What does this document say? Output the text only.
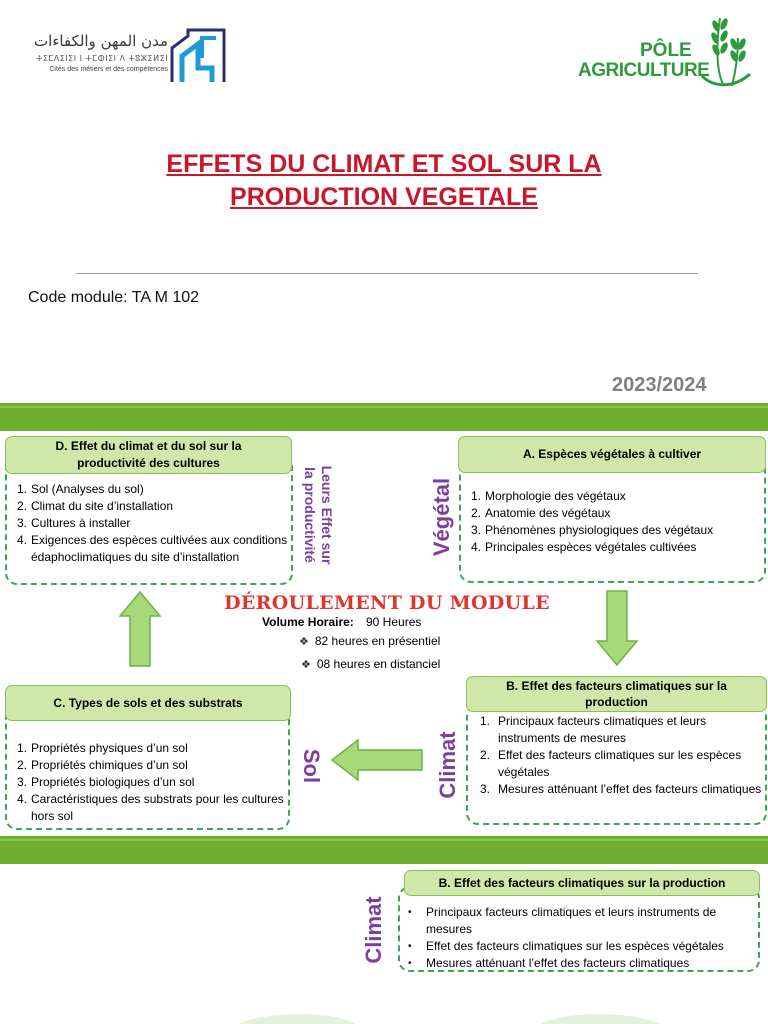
مدن المهن والكفاءات
ⵜⵉⵎⴷⵉⵏⵉⵏ ⵏ ⵜⵎⵀⵏⵉⵏ ⴷ ⵜⵓⵣⵉⵍⵉⵏ
Cités des métiers et des compétences
PÔLE
AGRICULTURE
EFFETS DU CLIMAT ET SOL SUR LA
PRODUCTION VEGETALE
Code module: TA M 102
2023/2024
1. Sol (Analyses du sol)
2. Climat du site d’installation
3. Cultures à installer
4. Exigences des espèces cultivées aux conditions édaphoclimatiques du site d’installation
D. Effet du climat et du sol sur la
productivité des cultures
Leurs Effet sur
la productivité	1. Morphologie des végétaux
2. Anatomie des végétaux
3. Phénomènes physiologiques des végétaux
4. Principales espèces végétales cultivées
A. Espèces végétales à cultiver
Végétal
DÉROULEMENT DU MODULE
Volume Horaire: 90 Heures
❖ 82 heures en présentiel
❖ 08 heures en distanciel
1. Propriétés physiques d’un sol
2. Propriétés chimiques d’un sol
3. Propriétés biologiques d’un sol
4. Caractéristiques des substrats pour les cultures hors sol
C. Types de sols et des substrats
Sol
1. Principaux facteurs climatiques et leurs instruments de mesures
2. Effet des facteurs climatiques sur les espèces végétales
3. Mesures atténuant l’effet des facteurs climatiques
B. Effet des facteurs climatiques sur la
production
Climat
•	Principaux facteurs climatiques et leurs instruments de mesures
•	Effet des facteurs climatiques sur les espèces végétales
•	Mesures atténuant l’effet des facteurs climatiques
B. Effet des facteurs climatiques sur la production
Climat
